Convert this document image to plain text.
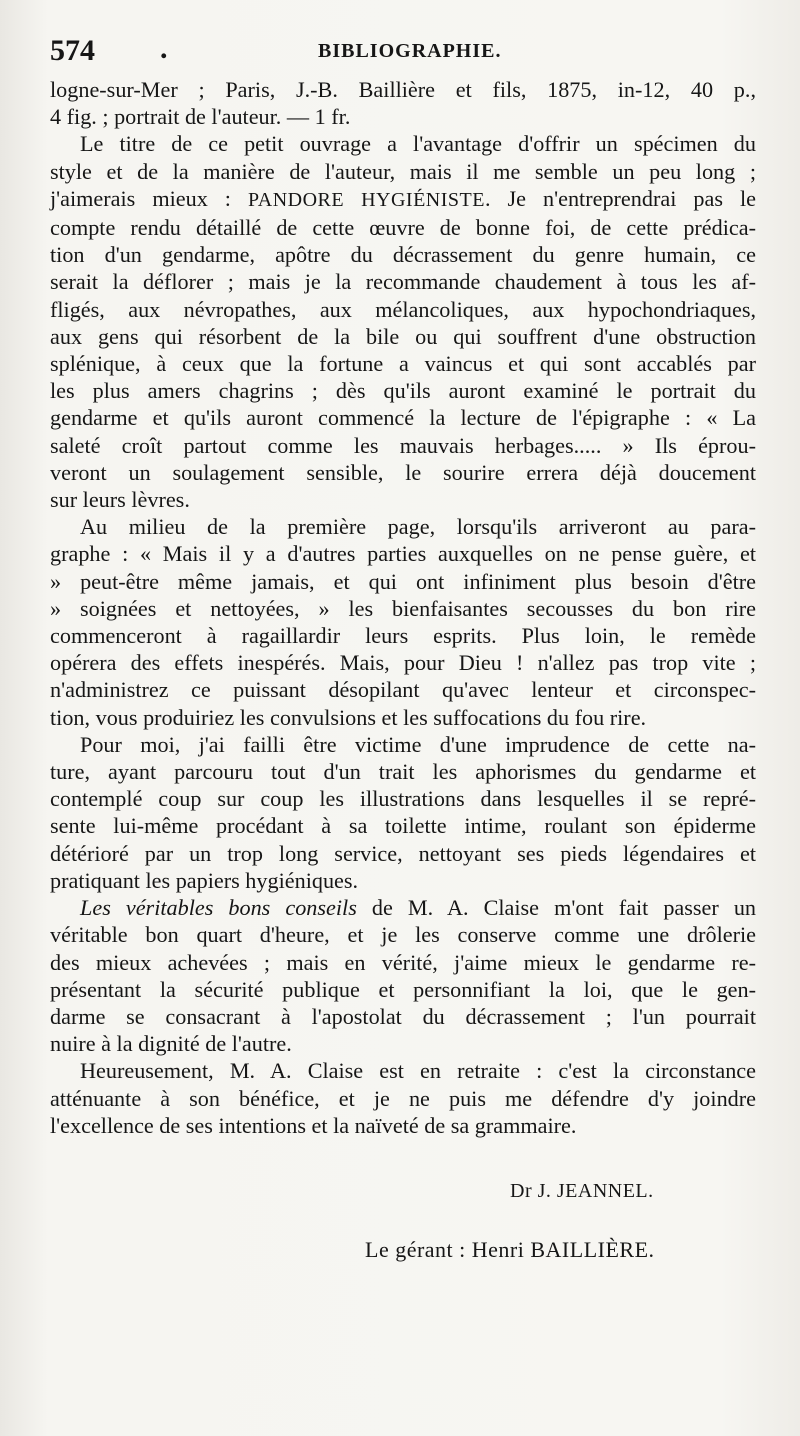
574 .	BIBLIOGRAPHIE.
logne-sur-Mer ; Paris, J.-B. Baillière et fils, 1875, in-12, 40 p.,
4 fig. ; portrait de l'auteur. — 1 fr.
Le titre de ce petit ouvrage a l'avantage d'offrir un spécimen du
style et de la manière de l'auteur, mais il me semble un peu long ;
j'aimerais mieux : PANDORE HYGIÉNISTE. Je n'entreprendrai pas le
compte rendu détaillé de cette œuvre de bonne foi, de cette prédica-
tion d'un gendarme, apôtre du décrassement du genre humain, ce
serait la déflorer ; mais je la recommande chaudement à tous les af-
fligés, aux névropathes, aux mélancoliques, aux hypochondriaques,
aux gens qui résorbent de la bile ou qui souffrent d'une obstruction
splénique, à ceux que la fortune a vaincus et qui sont accablés par
les plus amers chagrins ; dès qu'ils auront examiné le portrait du
gendarme et qu'ils auront commencé la lecture de l'épigraphe : « La
saleté croît partout comme les mauvais herbages..... » Ils éprou-
veront un soulagement sensible, le sourire errera déjà doucement
sur leurs lèvres.
Au milieu de la première page, lorsqu'ils arriveront au para-
graphe : « Mais il y a d'autres parties auxquelles on ne pense guère, et
» peut-être même jamais, et qui ont infiniment plus besoin d'être
» soignées et nettoyées, » les bienfaisantes secousses du bon rire
commenceront à ragaillardir leurs esprits. Plus loin, le remède
opérera des effets inespérés. Mais, pour Dieu ! n'allez pas trop vite ;
n'administrez ce puissant désopilant qu'avec lenteur et circonspec-
tion, vous produiriez les convulsions et les suffocations du fou rire.
Pour moi, j'ai failli être victime d'une imprudence de cette na-
ture, ayant parcouru tout d'un trait les aphorismes du gendarme et
contemplé coup sur coup les illustrations dans lesquelles il se repré-
sente lui-même procédant à sa toilette intime, roulant son épiderme
détérioré par un trop long service, nettoyant ses pieds légendaires et
pratiquant les papiers hygiéniques.
Les véritables bons conseils de M. A. Claise m'ont fait passer un
véritable bon quart d'heure, et je les conserve comme une drôlerie
des mieux achevées ; mais en vérité, j'aime mieux le gendarme re-
présentant la sécurité publique et personnifiant la loi, que le gen-
darme se consacrant à l'apostolat du décrassement ; l'un pourrait
nuire à la dignité de l'autre.
Heureusement, M. A. Claise est en retraite : c'est la circonstance
atténuante à son bénéfice, et je ne puis me défendre d'y joindre
l'excellence de ses intentions et la naïveté de sa grammaire.
Dr J. JEANNEL.
Le gérant : Henri BAILLIÈRE.
